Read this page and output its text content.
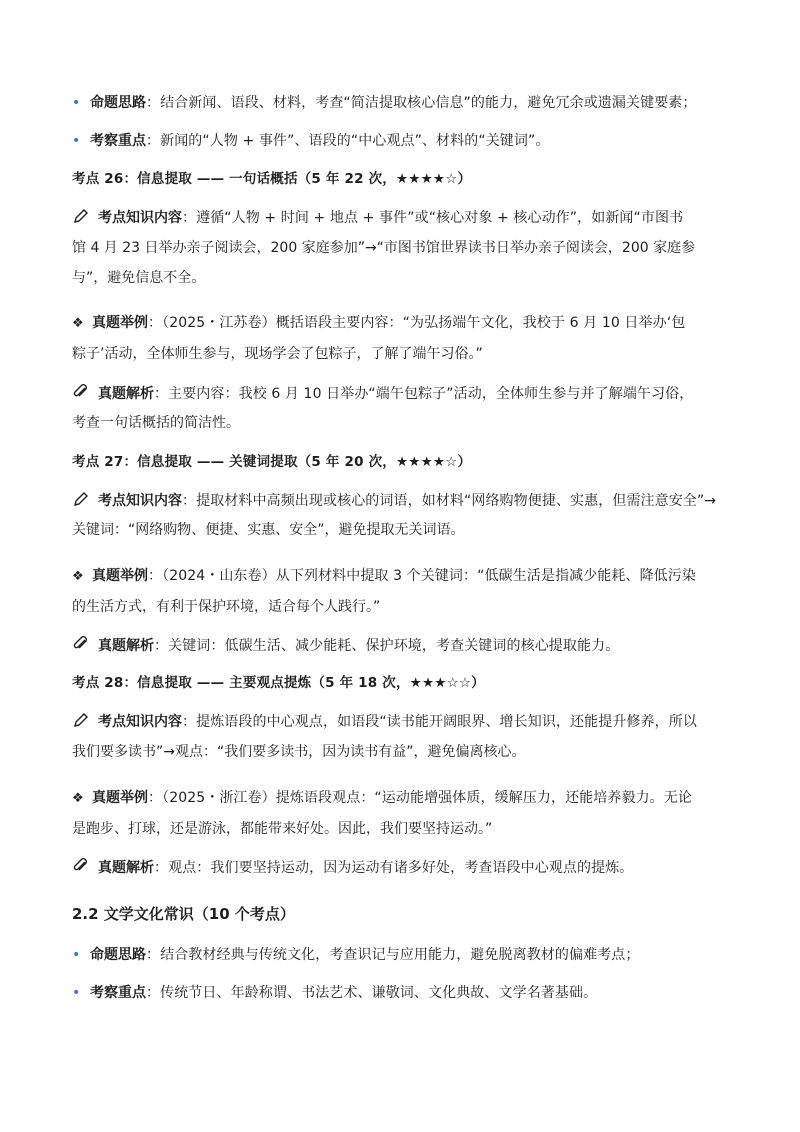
• 命题思路：结合新闻、语段、材料，考查“简洁提取核心信息”的能力，避免冗余或遗漏关键要素；
• 考察重点：新闻的“人物 + 事件”、语段的“中心观点”、材料的“关键词”。
考点 26：信息提取 —— 一句话概括（5 年 22 次，★★★★☆）
考点知识内容：遵循“人物 + 时间 + 地点 + 事件”或“核心对象 + 核心动作”，如新闻“市图书
馆 4 月 23 日举办亲子阅读会，200 家庭参加”→“市图书馆世界读书日举办亲子阅读会，200 家庭参
与”，避免信息不全。
❖ 真题举例：（2025・江苏卷）概括语段主要内容：“为弘扬端午文化，我校于 6 月 10 日举办‘包
粽子’活动，全体师生参与，现场学会了包粽子，了解了端午习俗。”
真题解析：主要内容：我校 6 月 10 日举办“端午包粽子”活动，全体师生参与并了解端午习俗，
考查一句话概括的简洁性。
考点 27：信息提取 —— 关键词提取（5 年 20 次，★★★★☆）
考点知识内容：提取材料中高频出现或核心的词语，如材料“网络购物便捷、实惠，但需注意安全”→
关键词：“网络购物、便捷、实惠、安全”，避免提取无关词语。
❖ 真题举例：（2024・山东卷）从下列材料中提取 3 个关键词：“低碳生活是指减少能耗、降低污染
的生活方式，有利于保护环境，适合每个人践行。”
真题解析：关键词：低碳生活、减少能耗、保护环境，考查关键词的核心提取能力。
考点 28：信息提取 —— 主要观点提炼（5 年 18 次，★★★☆☆）
考点知识内容：提炼语段的中心观点，如语段“读书能开阔眼界、增长知识，还能提升修养，所以
我们要多读书”→观点：“我们要多读书，因为读书有益”，避免偏离核心。
❖ 真题举例：（2025・浙江卷）提炼语段观点：“运动能增强体质，缓解压力，还能培养毅力。无论
是跑步、打球，还是游泳，都能带来好处。因此，我们要坚持运动。”
真题解析：观点：我们要坚持运动，因为运动有诸多好处，考查语段中心观点的提炼。
2.2 文学文化常识（10 个考点）
• 命题思路：结合教材经典与传统文化，考查识记与应用能力，避免脱离教材的偏难考点；
• 考察重点：传统节日、年龄称谓、书法艺术、谦敬词、文化典故、文学名著基础。
